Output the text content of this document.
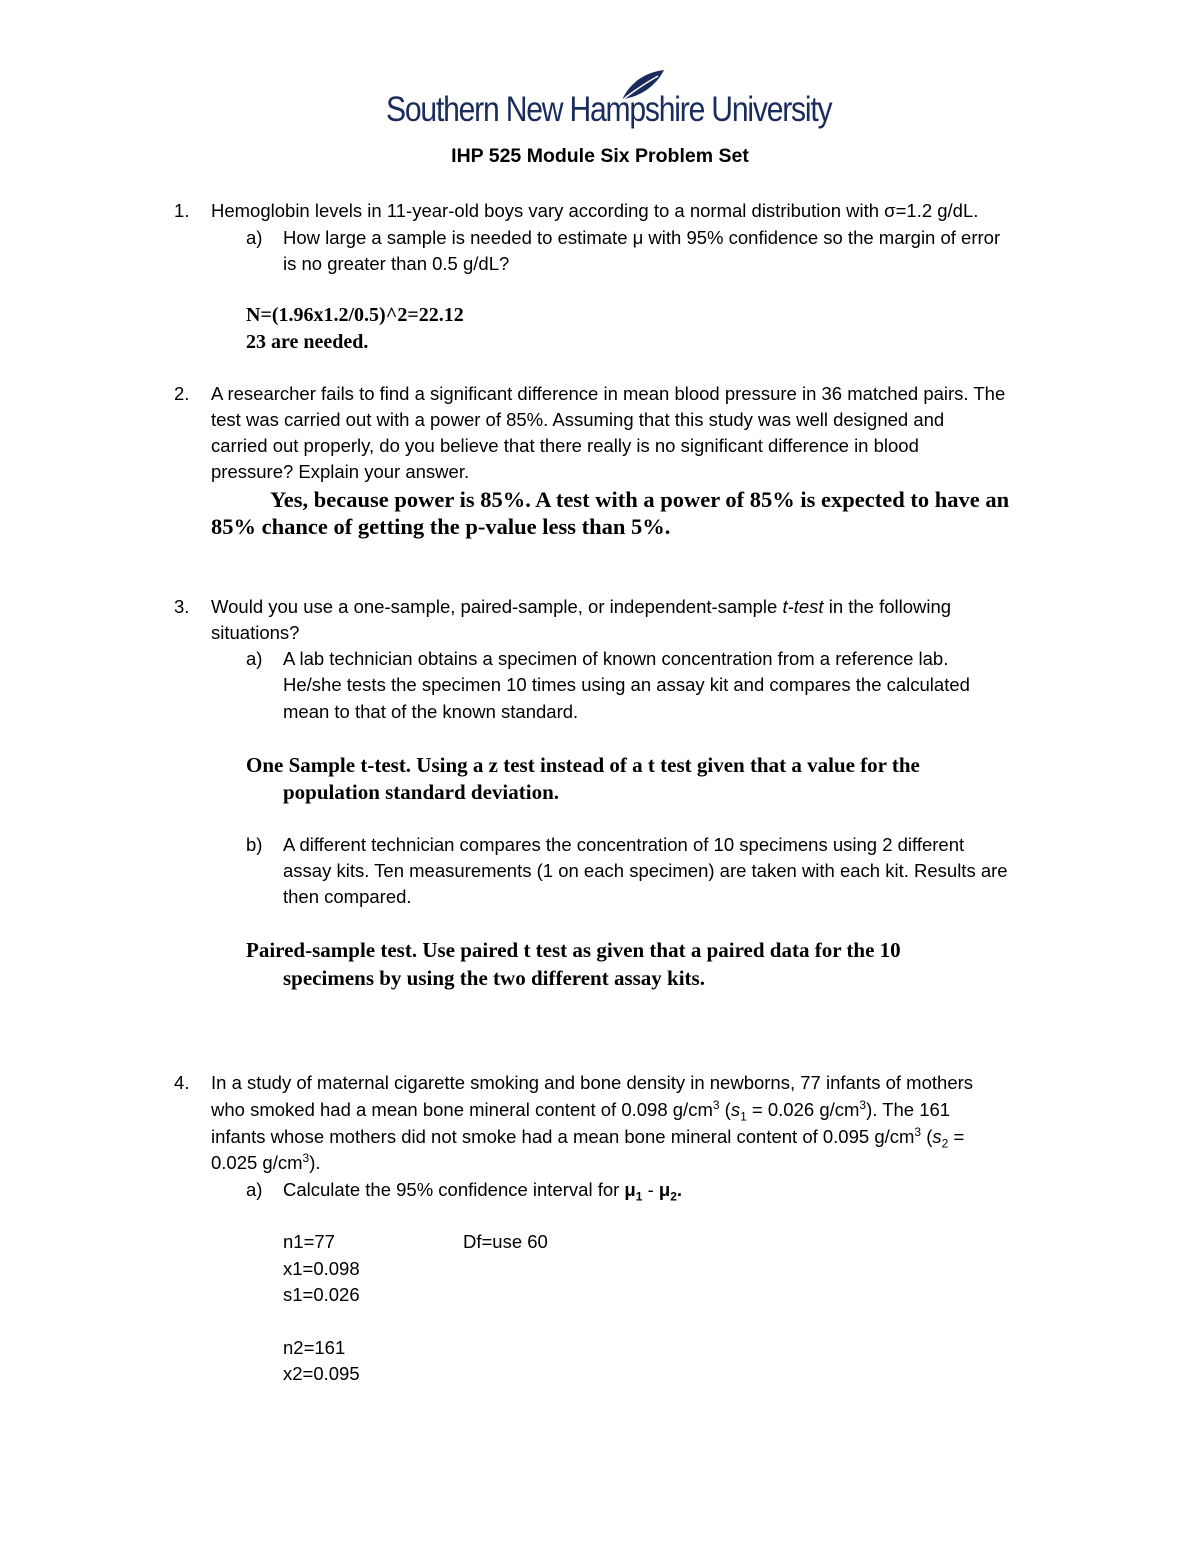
Southern New Hampshire University
IHP 525 Module Six Problem Set
1. Hemoglobin levels in 11-year-old boys vary according to a normal distribution with σ=1.2 g/dL.
a) How large a sample is needed to estimate μ with 95% confidence so the margin of error
is no greater than 0.5 g/dL?
N=(1.96x1.2/0.5)^2=22.12
23 are needed.
2. A researcher fails to find a significant difference in mean blood pressure in 36 matched pairs. The
test was carried out with a power of 85%. Assuming that this study was well designed and
carried out properly, do you believe that there really is no significant difference in blood
pressure? Explain your answer.
Yes, because power is 85%. A test with a power of 85% is expected to have an
85% chance of getting the p-value less than 5%.
3. Would you use a one-sample, paired-sample, or independent-sample t-test in the following
situations?
a) A lab technician obtains a specimen of known concentration from a reference lab.
He/she tests the specimen 10 times using an assay kit and compares the calculated
mean to that of the known standard.
One Sample t-test. Using a z test instead of a t test given that a value for the
population standard deviation.
b) A different technician compares the concentration of 10 specimens using 2 different
assay kits. Ten measurements (1 on each specimen) are taken with each kit. Results are
then compared.
Paired-sample test. Use paired t test as given that a paired data for the 10
specimens by using the two different assay kits.
4. In a study of maternal cigarette smoking and bone density in newborns, 77 infants of mothers
who smoked had a mean bone mineral content of 0.098 $g/cm^3$ ($s_1 = 0.026$ $g/cm^3$). The 161
infants whose mothers did not smoke had a mean bone mineral content of 0.095 $g/cm^3$ ($s_2$ =
0.025 $g/cm^3$).
a) Calculate the 95% confidence interval for $\mu_1 - \mu_2$.
n1=77	Df=use 60
x1=0.098
s1=0.026
n2=161
x2=0.095
